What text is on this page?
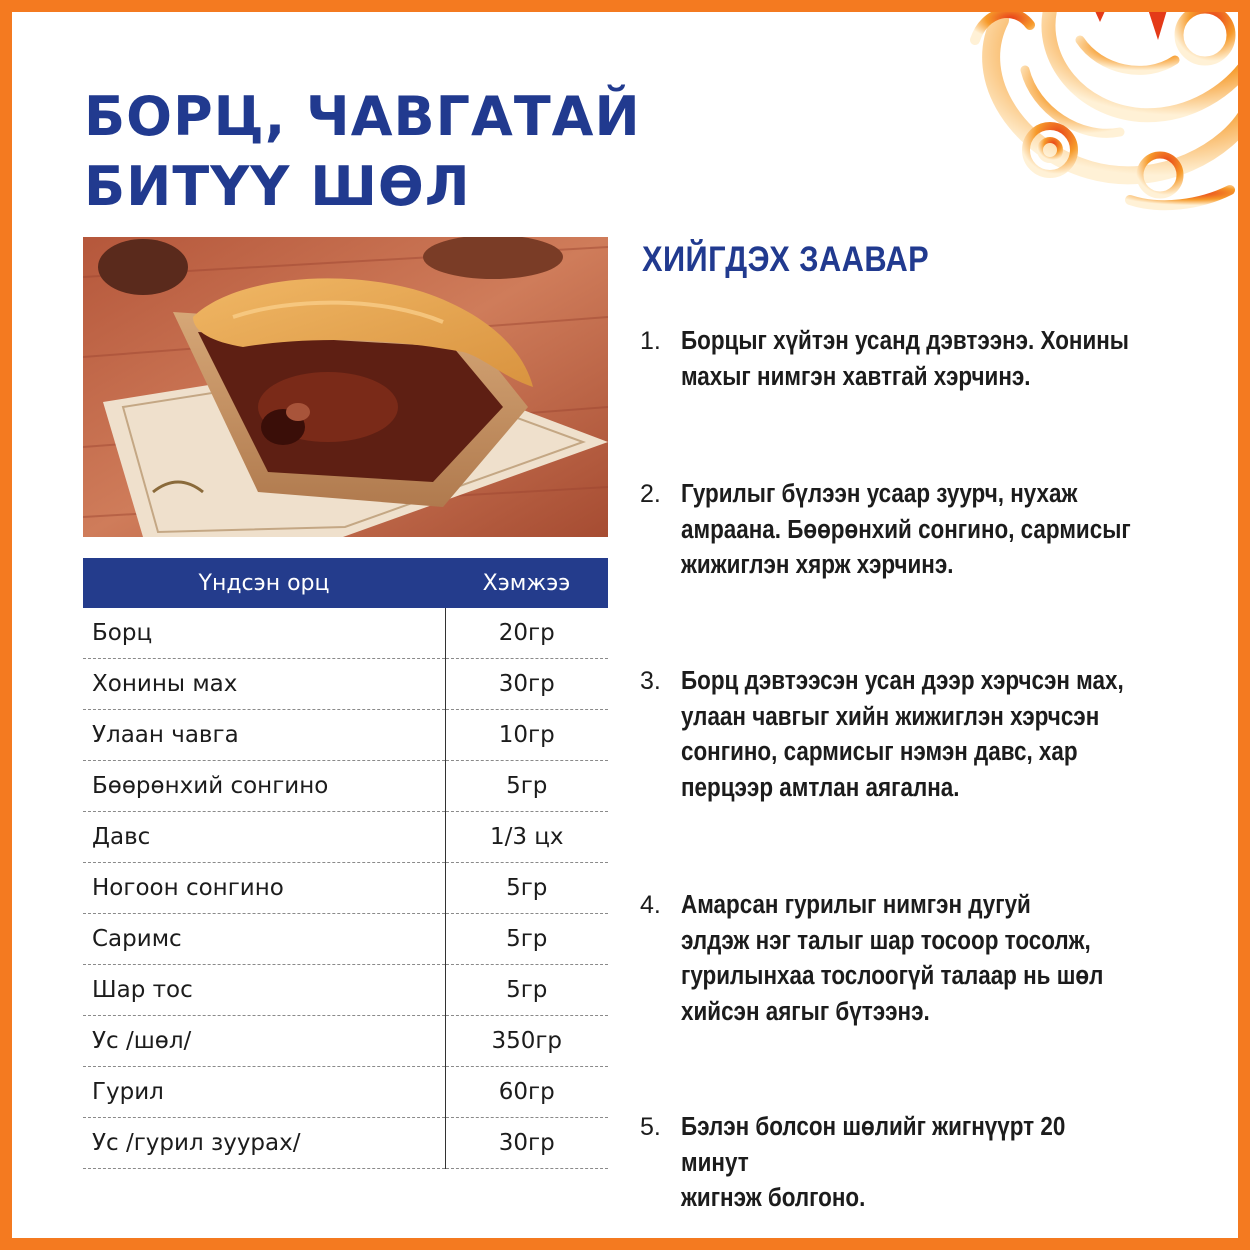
БОРЦ, ЧАВГАТАЙ
БИТҮҮ ШӨЛ
Үндсэн орц	Хэмжээ
Борц	20гр
Хонины мах	30гр
Улаан чавга	10гр
Бөөрөнхий сонгино	5гр
Давс	1/3 цх
Ногоон сонгино	5гр
Саримс	5гр
Шар тос	5гр
Ус /шөл/	350гр
Гурил	60гр
Ус /гурил зуурах/	30гр
ХИЙГДЭХ ЗААВАР
1. Борцыг хүйтэн усанд дэвтээнэ. Хонины
махыг нимгэн хавтгай хэрчинэ.
2. Гурилыг бүлээн усаар зуурч, нухаж
амраана. Бөөрөнхий сонгино, сармисыг
жижиглэн хярж хэрчинэ.
3. Борц дэвтээсэн усан дээр хэрчсэн мах,
улаан чавгыг хийн жижиглэн хэрчсэн
сонгино, сармисыг нэмэн давс, хар
перцээр амтлан аягална.
4. Амарсан гурилыг нимгэн дугуй
элдэж нэг талыг шар тосоор тосолж,
гурилынхаа тослоогүй талаар нь шөл
хийсэн аягыг бүтээнэ.
5. Бэлэн болсон шөлийг жигнүүрт 20 минут
жигнэж болгоно.
